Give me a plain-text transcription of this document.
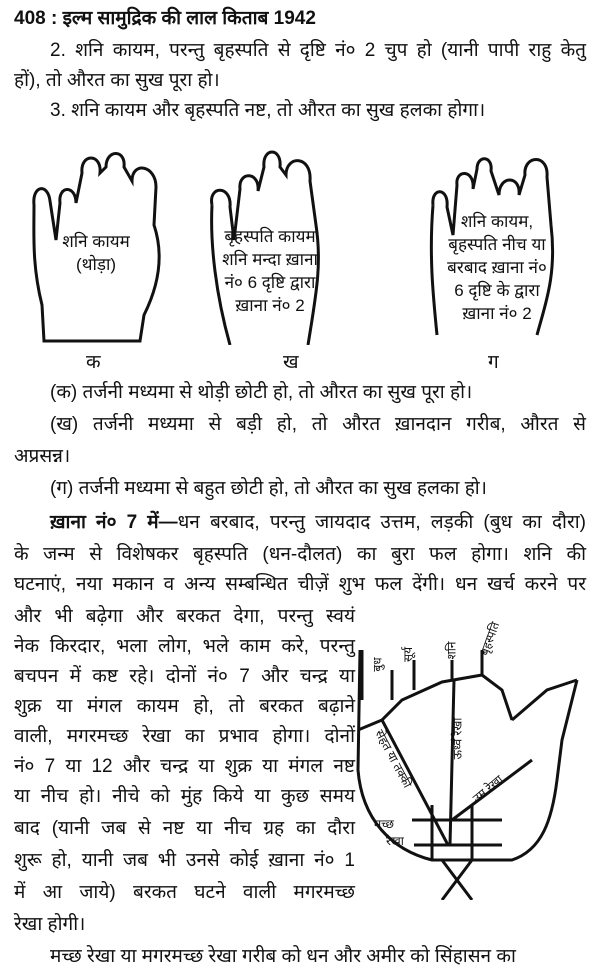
408 : इल्म सामुद्रिक की लाल किताब 1942
2. शनि कायम, परन्तु बृहस्पति से दृष्टि नं० 2 चुप हो (यानी पापी राहु केतु
हों), तो औरत का सुख पूरा हो।
3. शनि कायम और बृहस्पति नष्ट, तो औरत का सुख हलका होगा।
शनि कायम
(थोड़ा)
बृहस्पति कायम
शनि मन्दा ख़ाना
नं० 6 दृष्टि द्वारा
ख़ाना नं० 2
शनि कायम,
बृहस्पति नीच या
बरबाद ख़ाना नं०
6 दृष्टि के द्वारा
ख़ाना नं० 2
क	ख	ग
(क) तर्जनी मध्यमा से थोड़ी छोटी हो, तो औरत का सुख पूरा हो।
(ख) तर्जनी मध्यमा से बड़ी हो, तो औरत ख़ानदान गरीब, औरत से
अप्रसन्न।
(ग) तर्जनी मध्यमा से बहुत छोटी हो, तो औरत का सुख हलका हो।
ख़ाना नं० 7 में—धन बरबाद, परन्तु जायदाद उत्तम, लड़की (बुध का दौरा)
के जन्म से विशेषकर बृहस्पति (धन-दौलत) का बुरा फल होगा। शनि की
घटनाएं, नया मकान व अन्य सम्बन्धित चीज़ें शुभ फल देंगी। धन खर्च करने पर
और भी बढ़ेगा और बरकत देगा, परन्तु स्वयं
नेक किरदार, भला लोग, भले काम करे, परन्तु
बचपन में कष्ट रहे। दोनों नं० 7 और चन्द्र या
शुक्र या मंगल कायम हो, तो बरकत बढ़ाने
वाली, मगरमच्छ रेखा का प्रभाव होगा। दोनों
नं० 7 या 12 और चन्द्र या शुक्र या मंगल नष्ट
या नीच हो। नीचे को मुंह किये या कुछ समय
बाद (यानी जब से नष्ट या नीच ग्रह का दौरा
शुरू हो, यानी जब भी उनसे कोई ख़ाना नं० 1
में आ जाये) बरकत घटने वाली मगरमच्छ
रेखा होगी।
मच्छ रेखा या मगरमच्छ रेखा गरीब को धन और अमीर को सिंहासन का
बुध
सूर्य शनि बृहस्पति
सेहत या तक्की	ऊर्ध्व रेखा
उम्र रेखा
मच्छ
रेखा
